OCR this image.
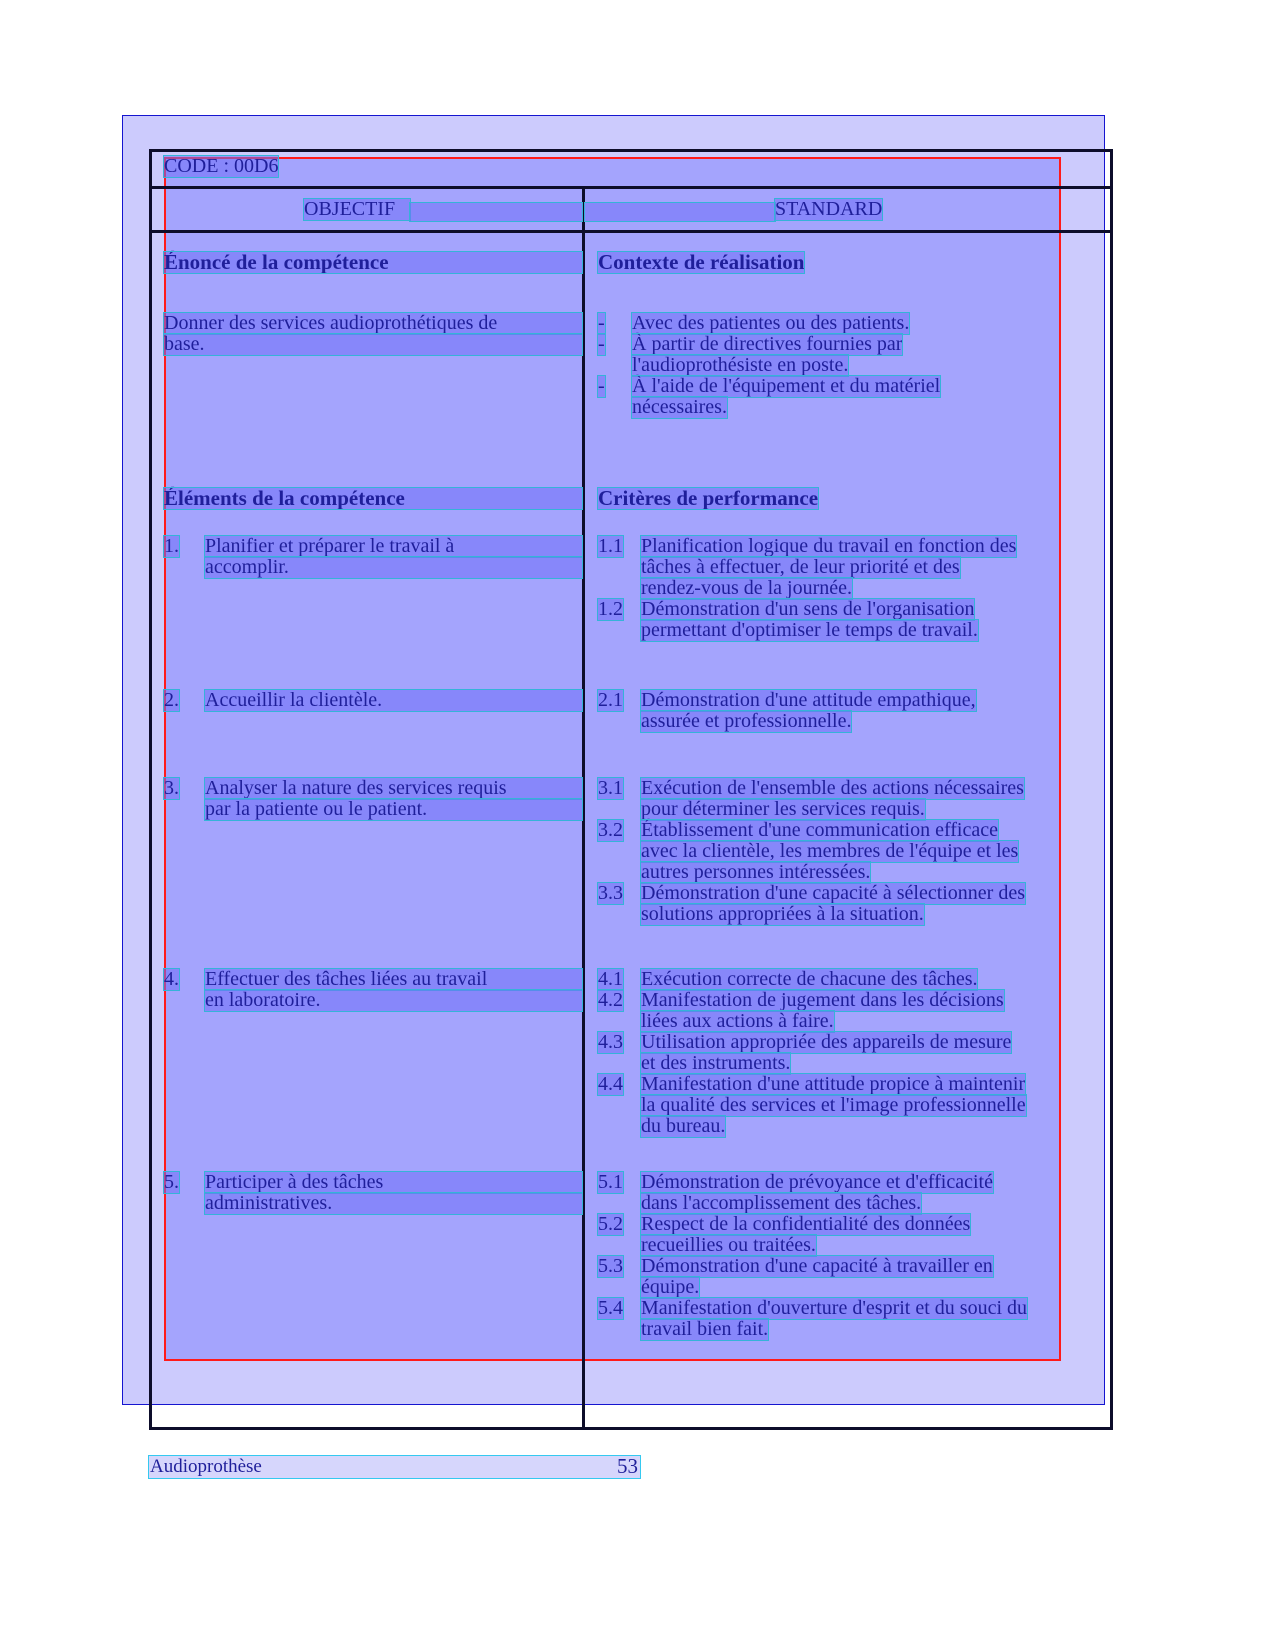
CODE : 00D6
OBJECTIF	STANDARD
Énoncé de la compétence
Donner des services audioprothétiques de
base.
Contexte de réalisation
- Avec des patientes ou des patients.
- À partir de directives fournies par
l'audioprothésiste en poste.
- À l'aide de l'équipement et du matériel
nécessaires.
Éléments de la compétence
1. Planifier et préparer le travail à
accomplir.
2. Accueillir la clientèle.
3. Analyser la nature des services requis
par la patiente ou le patient.
4. Effectuer des tâches liées au travail
en laboratoire.
5. Participer à des tâches
administratives.
Critères de performance
1.1 Planification logique du travail en fonction des
tâches à effectuer, de leur priorité et des
rendez-vous de la journée.
1.2 Démonstration d'un sens de l'organisation
permettant d'optimiser le temps de travail.
2.1 Démonstration d'une attitude empathique,
assurée et professionnelle.
3.1 Exécution de l'ensemble des actions nécessaires
pour déterminer les services requis.
3.2 Établissement d'une communication efficace
avec la clientèle, les membres de l'équipe et les
autres personnes intéressées.
3.3 Démonstration d'une capacité à sélectionner des
solutions appropriées à la situation.
4.1 Exécution correcte de chacune des tâches.
4.2 Manifestation de jugement dans les décisions
liées aux actions à faire.
4.3 Utilisation appropriée des appareils de mesure
et des instruments.
4.4 Manifestation d'une attitude propice à maintenir
la qualité des services et l'image professionnelle
du bureau.
5.1 Démonstration de prévoyance et d'efficacité
dans l'accomplissement des tâches.
5.2 Respect de la confidentialité des données
recueillies ou traitées.
5.3 Démonstration d'une capacité à travailler en
équipe.
5.4 Manifestation d'ouverture d'esprit et du souci du
travail bien fait.
Audioprothèse	53
